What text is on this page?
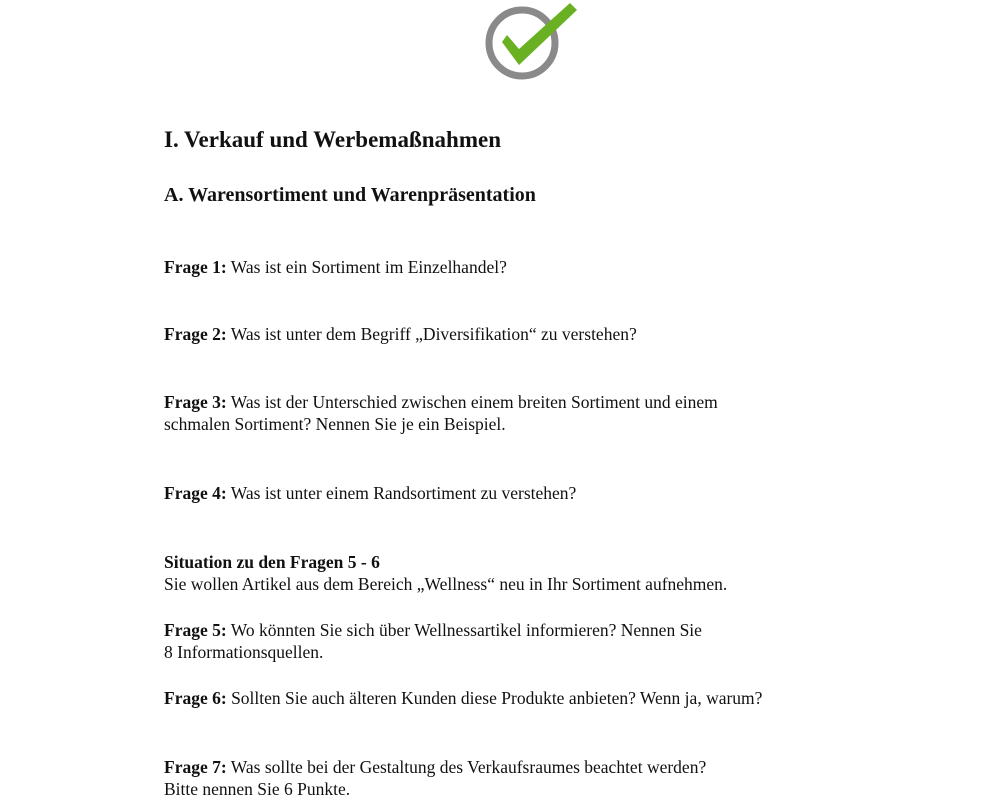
I. Verkauf und Werbemaßnahmen
A. Warensortiment und Warenpräsentation
Frage 1: Was ist ein Sortiment im Einzelhandel?
Frage 2: Was ist unter dem Begriff „Diversifikation“ zu verstehen?
Frage 3: Was ist der Unterschied zwischen einem breiten Sortiment und einem
schmalen Sortiment? Nennen Sie je ein Beispiel.
Frage 4: Was ist unter einem Randsortiment zu verstehen?
Situation zu den Fragen 5 - 6
Sie wollen Artikel aus dem Bereich „Wellness“ neu in Ihr Sortiment aufnehmen.
Frage 5: Wo könnten Sie sich über Wellnessartikel informieren? Nennen Sie
8 Informationsquellen.
Frage 6: Sollten Sie auch älteren Kunden diese Produkte anbieten? Wenn ja, warum?
Frage 7: Was sollte bei der Gestaltung des Verkaufsraumes beachtet werden?
Bitte nennen Sie 6 Punkte.
